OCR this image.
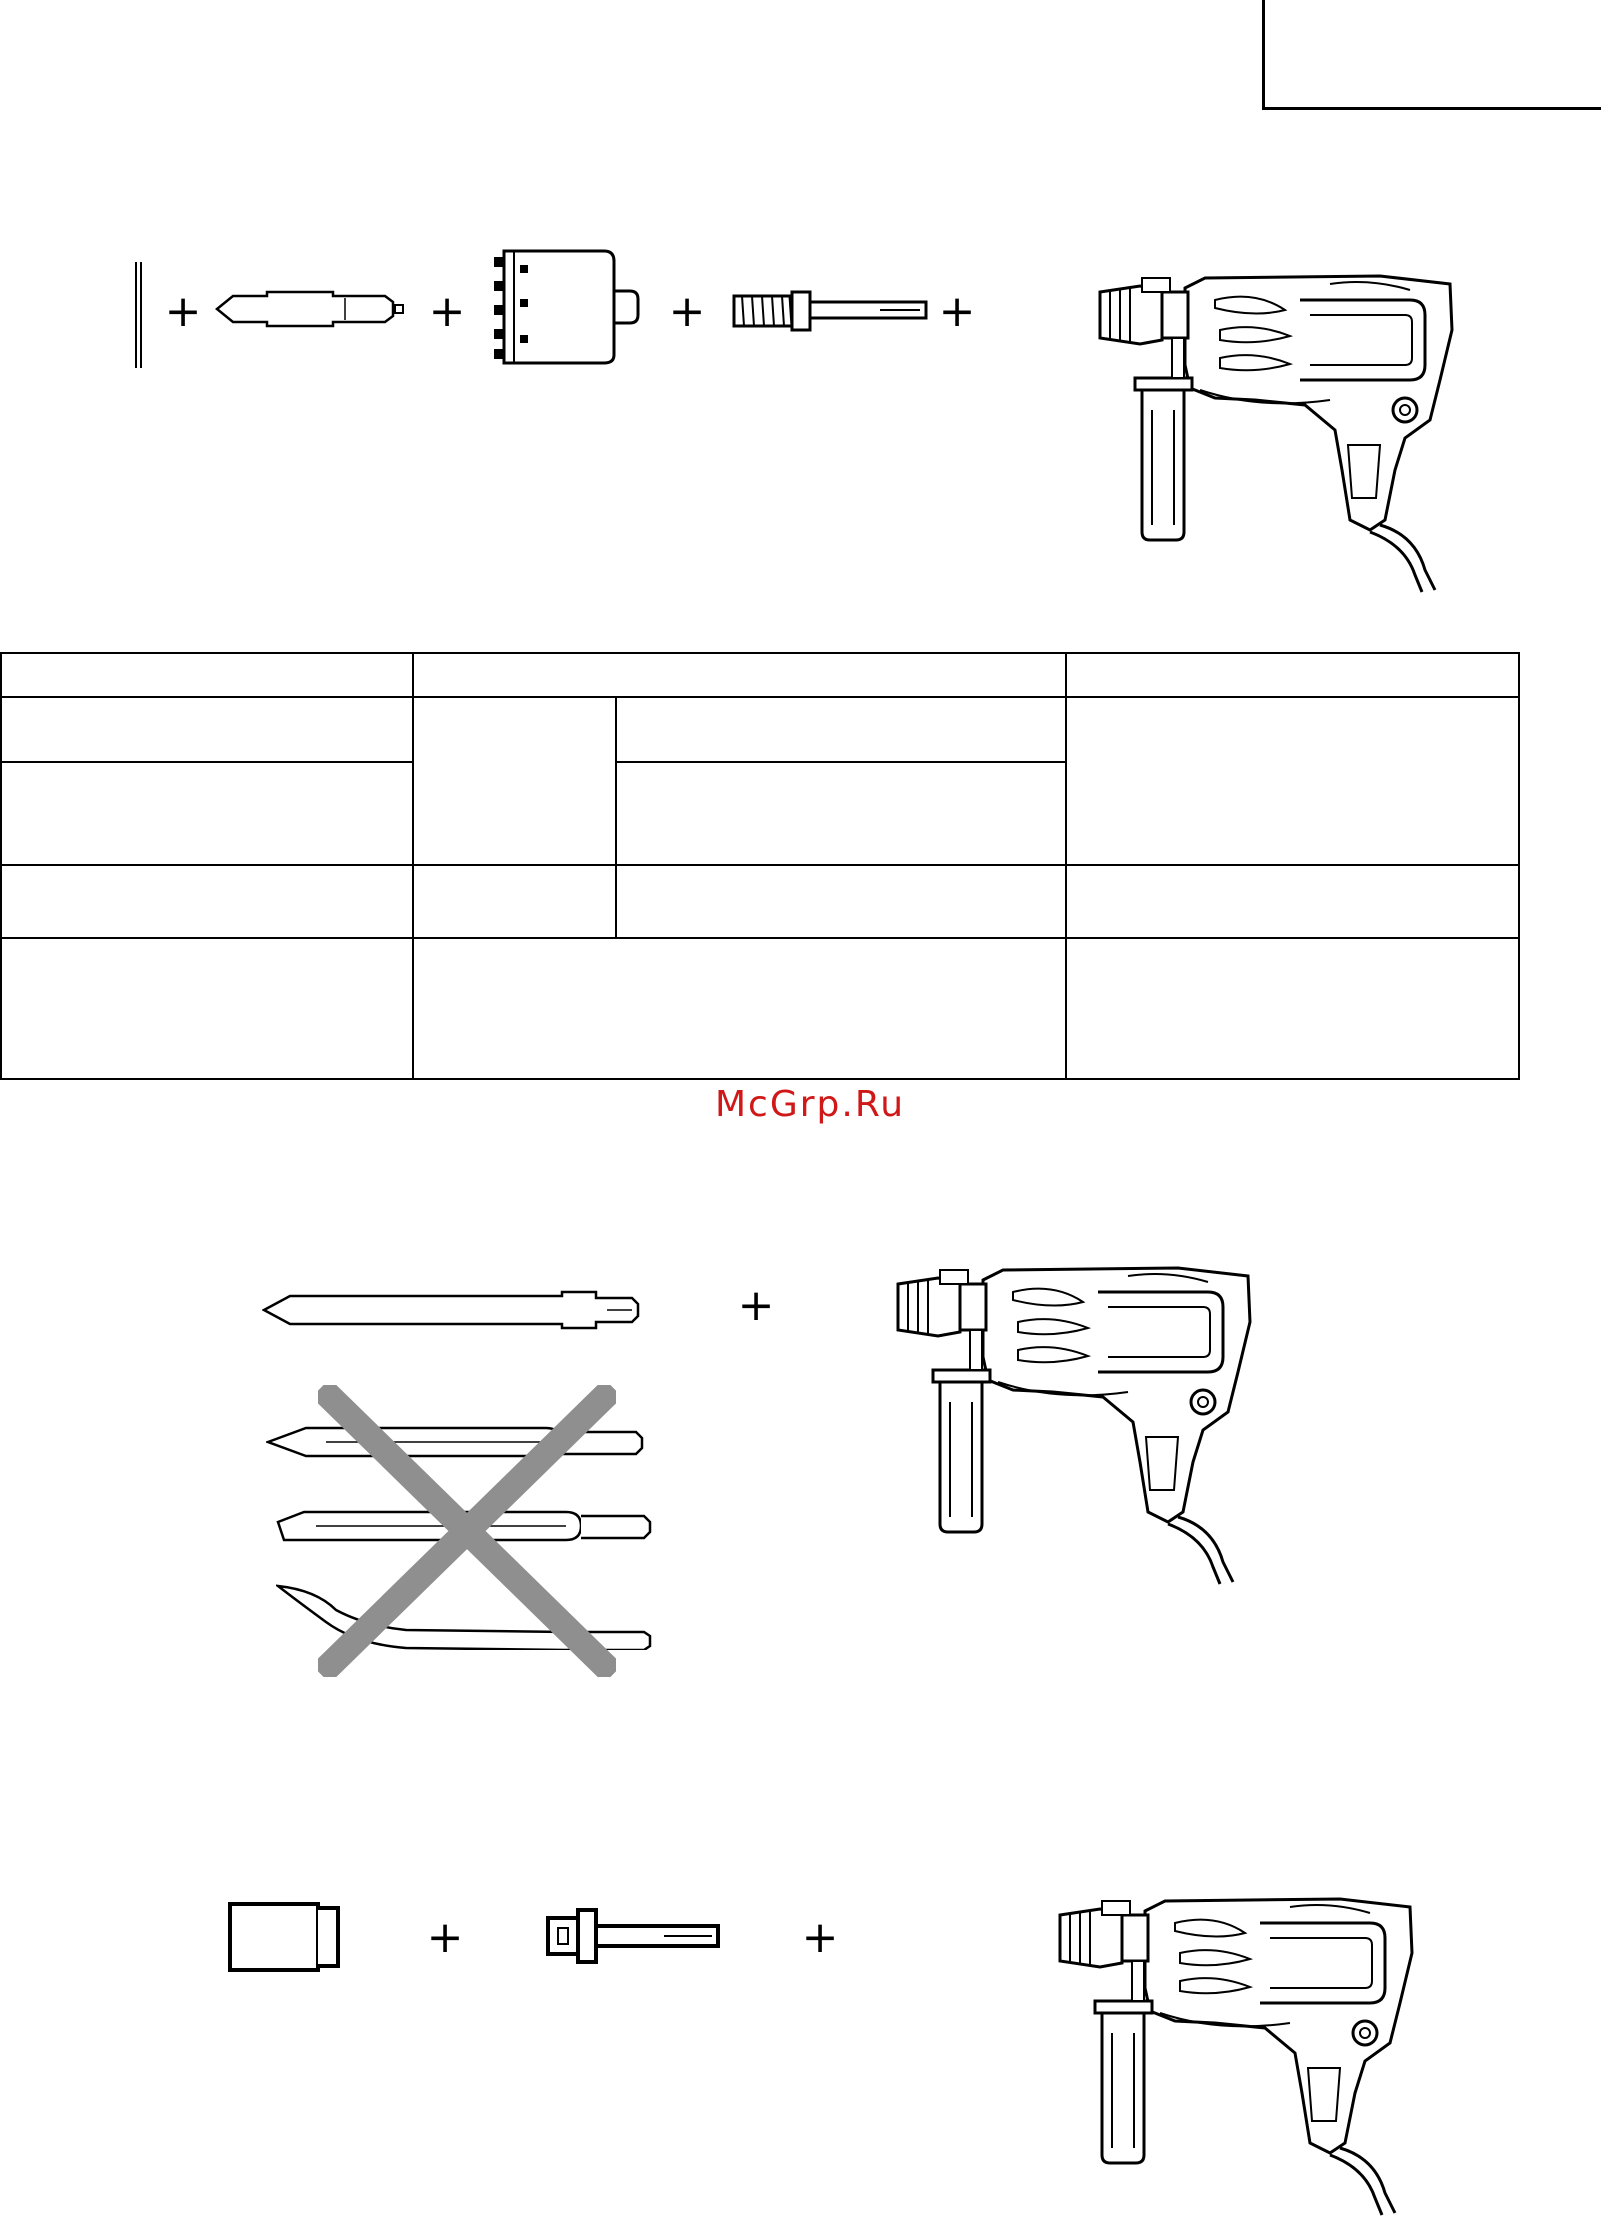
+	+	+	+

McGrp.Ru
+
+	+
